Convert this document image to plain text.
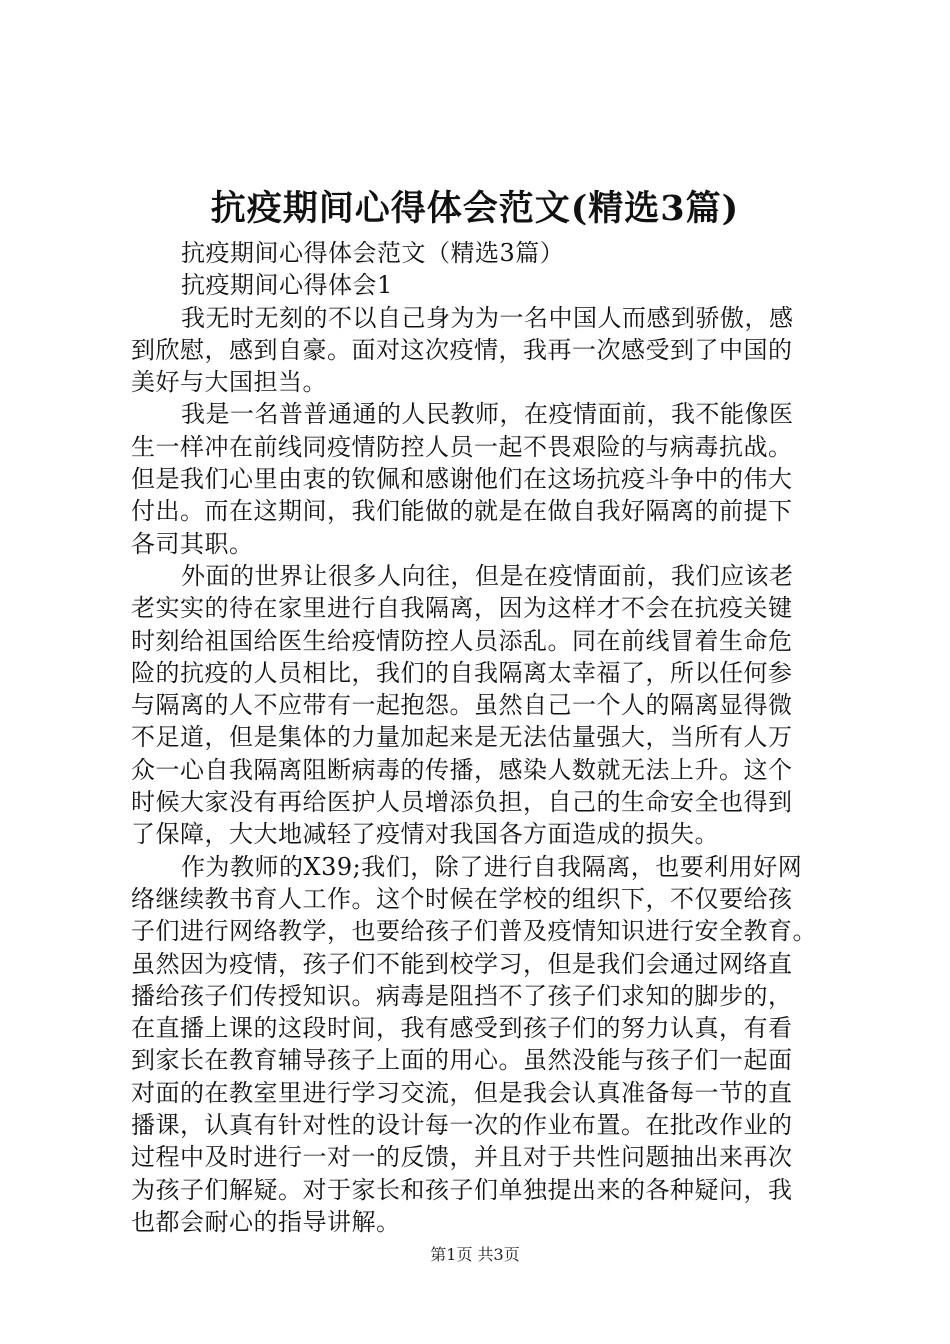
抗疫期间心得体会范文(精选3篇)

抗疫期间心得体会范文（精选3篇）

抗疫期间心得体会1

我无时无刻的不以自己身为为一名中国人而感到骄傲，感

到欣慰，感到自豪。面对这次疫情，我再一次感受到了中国的

美好与大国担当。

我是一名普普通通的人民教师，在疫情面前，我不能像医

生一样冲在前线同疫情防控人员一起不畏艰险的与病毒抗战。

但是我们心里由衷的钦佩和感谢他们在这场抗疫斗争中的伟大

付出。而在这期间，我们能做的就是在做自我好隔离的前提下

各司其职。

外面的世界让很多人向往，但是在疫情面前，我们应该老

老实实的待在家里进行自我隔离，因为这样才不会在抗疫关键

时刻给祖国给医生给疫情防控人员添乱。同在前线冒着生命危

险的抗疫的人员相比，我们的自我隔离太幸福了，所以任何参

与隔离的人不应带有一起抱怨。虽然自己一个人的隔离显得微

不足道，但是集体的力量加起来是无法估量强大，当所有人万

众一心自我隔离阻断病毒的传播，感染人数就无法上升。这个

时候大家没有再给医护人员增添负担，自己的生命安全也得到

了保障，大大地减轻了疫情对我国各方面造成的损失。

作为教师的X39;我们，除了进行自我隔离，也要利用好网

络继续教书育人工作。这个时候在学校的组织下，不仅要给孩

子们进行网络教学，也要给孩子们普及疫情知识进行安全教育。

虽然因为疫情，孩子们不能到校学习，但是我们会通过网络直

播给孩子们传授知识。病毒是阻挡不了孩子们求知的脚步的，

在直播上课的这段时间，我有感受到孩子们的努力认真，有看

到家长在教育辅导孩子上面的用心。虽然没能与孩子们一起面

对面的在教室里进行学习交流，但是我会认真准备每一节的直

播课，认真有针对性的设计每一次的作业布置。在批改作业的

过程中及时进行一对一的反馈，并且对于共性问题抽出来再次

为孩子们解疑。对于家长和孩子们单独提出来的各种疑问，我

也都会耐心的指导讲解。

第1页 共3页
